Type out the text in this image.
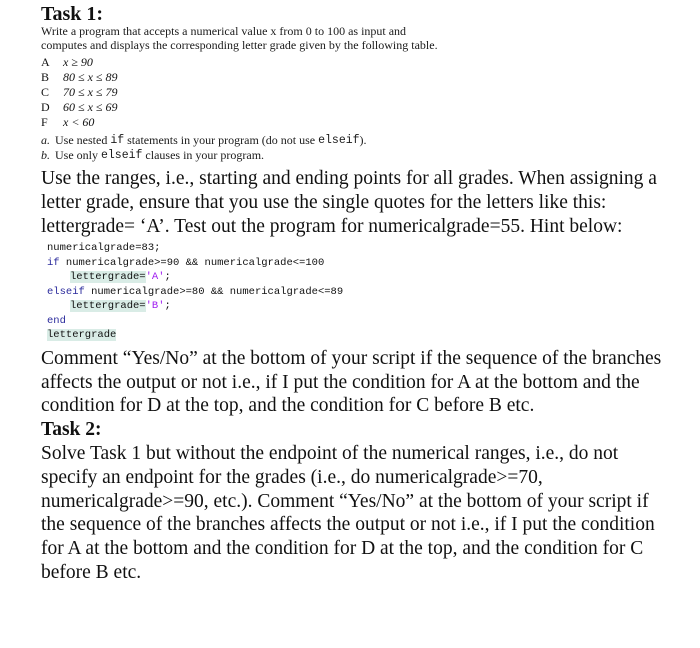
Task 1:
Write a program that accepts a numerical value x from 0 to 100 as input and computes and displays the corresponding letter grade given by the following table.
A	x ≥ 90
B	80 ≤ x ≤ 89
C	70 ≤ x ≤ 79
D	60 ≤ x ≤ 69
F	x < 60
a. Use nested
if
statements in your program (do not use
elseif ).
b. Use only
elseif
clauses in your program.
Use the ranges, i.e., starting and ending points for all grades. When assigning a letter grade, ensure that you use the single quotes for the letters like this: lettergrade= ‘A’. Test out the program for numericalgrade=55. Hint below:
numericalgrade=83;
if numericalgrade>=90 && numericalgrade<=100
lettergrade='A';
elseif numericalgrade>=80 && numericalgrade<=89
lettergrade='B';
end
lettergrade
Comment “Yes/No” at the bottom of your script if the sequence of the branches affects the output or not i.e., if I put the condition for A at the bottom and the condition for D at the top, and the condition for C before B etc.
Task 2:
Solve Task 1 but without the endpoint of the numerical ranges, i.e., do not specify an endpoint for the grades (i.e., do numericalgrade>=70, numericalgrade>=90, etc.). Comment “Yes/No” at the bottom of your script if the sequence of the branches affects the output or not i.e., if I put the condition for A at the bottom and the condition for D at the top, and the condition for C before B etc.
